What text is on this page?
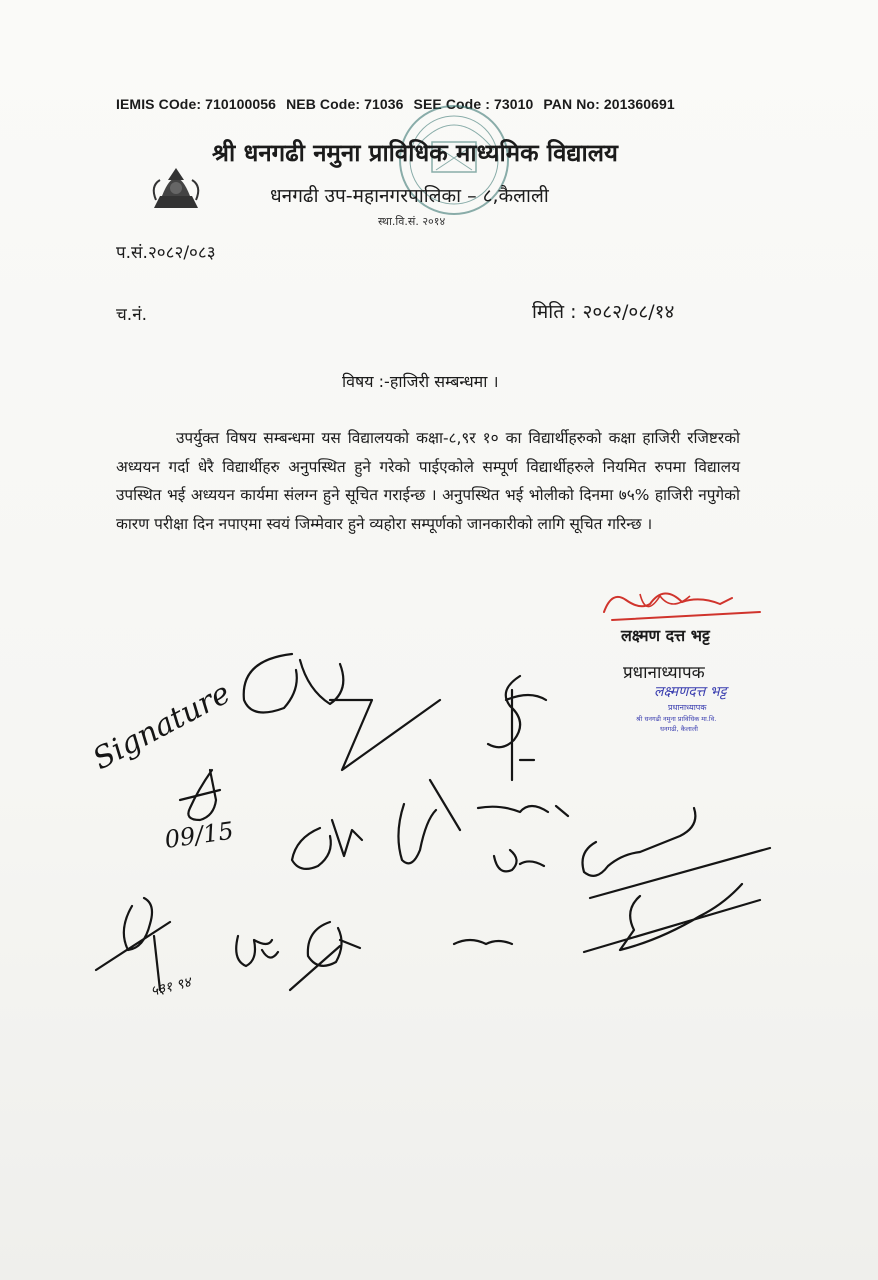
IEMIS COde: 710100056 NEB Code: 71036 SEE Code : 73010 PAN No: 201360691
श्री धनगढी नमुना प्राविधिक माध्यमिक विद्यालय
धनगढी उप-महानगरपालिका – ८,कैलाली
स्था.वि.सं. २०१४
प.सं.२०८२/०८३
च.नं.	मिति : २०८२/०८/१४
विषय :-हाजिरी सम्बन्धमा ।
उपर्युक्त विषय सम्बन्धमा यस विद्यालयको कक्षा-८,९र १० का विद्यार्थीहरुको कक्षा हाजिरी रजिष्टरको अध्ययन गर्दा धेरै विद्यार्थीहरु अनुपस्थित हुने गरेको पाईएकोले सम्पूर्ण विद्यार्थीहरुले नियमित रुपमा विद्यालय उपस्थित भई अध्ययन कार्यमा संलग्न हुने सूचित गराईन्छ । अनुपस्थित भई भोलीको दिनमा ७५% हाजिरी नपुगेको कारण परीक्षा दिन नपाएमा स्वयं जिम्मेवार हुने व्यहोरा सम्पूर्णको जानकारीको लागि सूचित गरिन्छ ।
लक्ष्मण दत्त भट्ट
प्रधानाध्यापक
लक्ष्मणदत्त भट्ट
प्रधानाध्यापक
श्री धनगढी नमुना प्राविधिक मा.वि.
धनगढी, कैलाली
Signature
09/15
५३१ ९४
